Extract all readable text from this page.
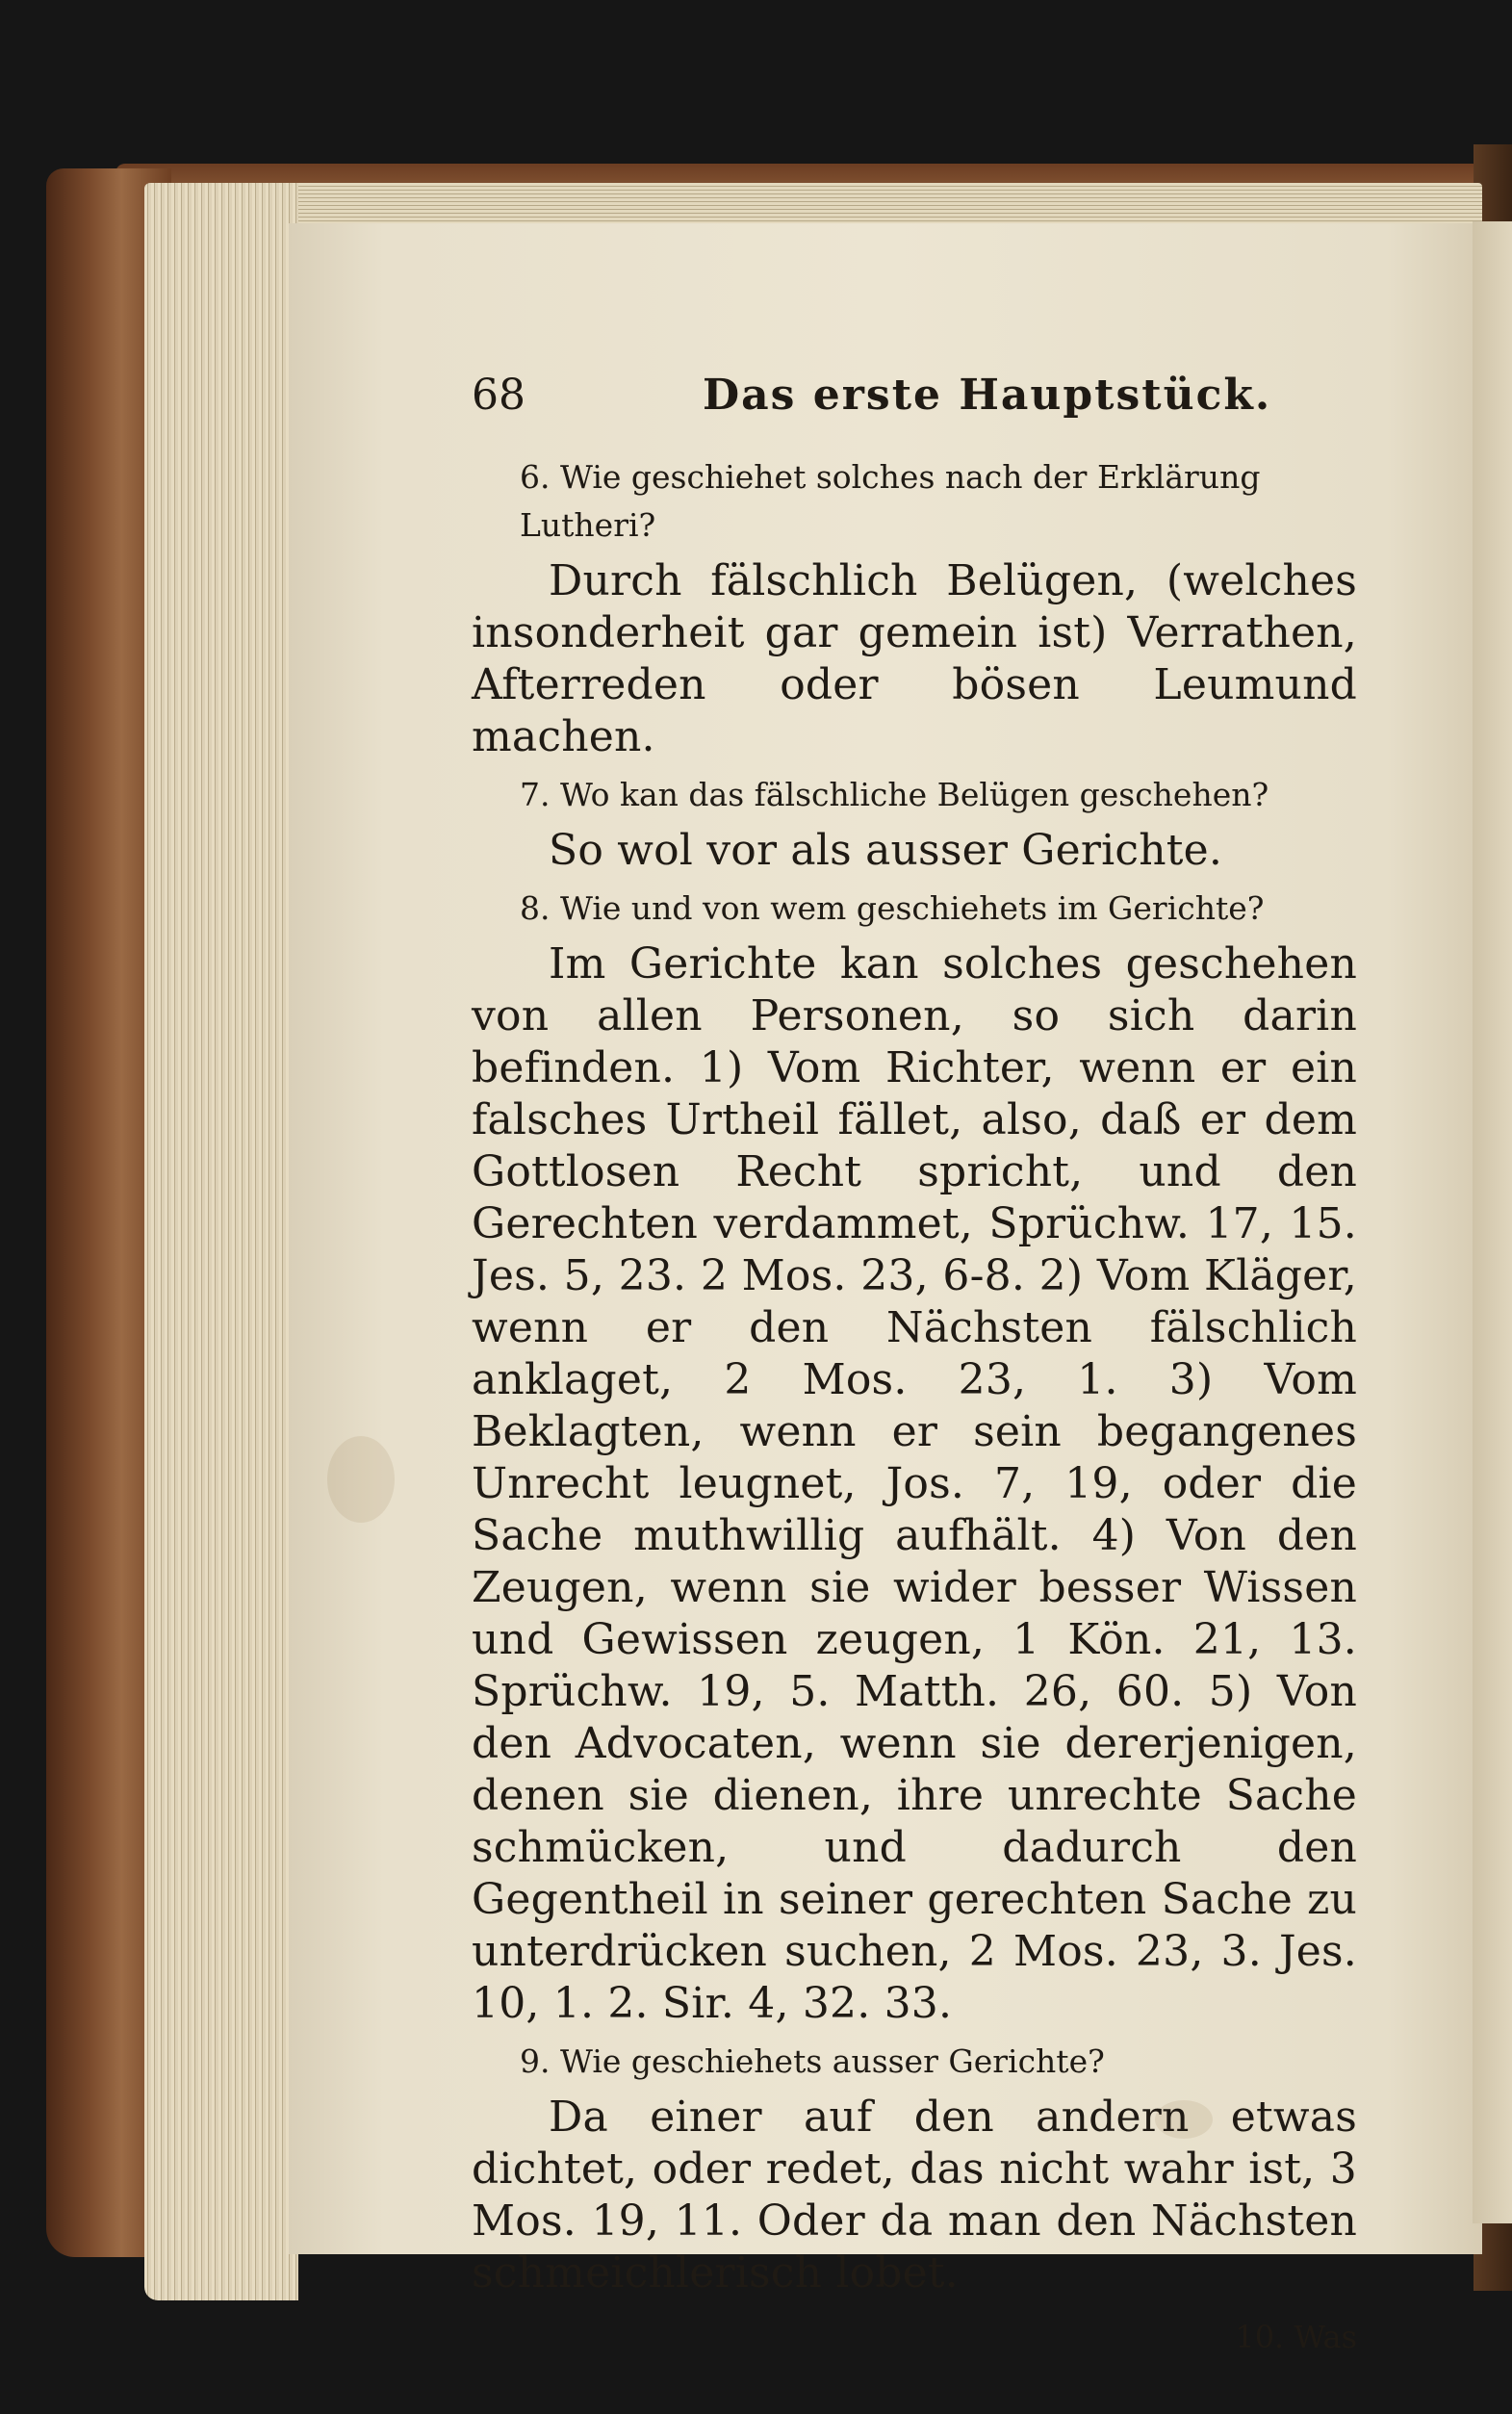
68	Das erste Hauptstück.

6. Wie geschiehet solches nach der Erklärung Lutheri?

Durch fälschlich Belügen, (welches insonderheit gar gemein ist) Verrathen, Afterreden oder bösen Leumund machen.

7. Wo kan das fälschliche Belügen geschehen?

So wol vor als ausser Gerichte.

8. Wie und von wem geschiehets im Gerichte?

Im Gerichte kan solches geschehen von allen Personen, so sich darin befinden. 1) Vom Richter, wenn er ein falsches Urtheil fället, also, daß er dem Gottlosen Recht spricht, und den Gerechten verdammet, Sprüchw. 17, 15. Jes. 5, 23. 2 Mos. 23, 6-8. 2) Vom Kläger, wenn er den Nächsten fälschlich anklaget, 2 Mos. 23, 1. 3) Vom Beklagten, wenn er sein begangenes Unrecht leugnet, Jos. 7, 19, oder die Sache muthwillig aufhält. 4) Von den Zeugen, wenn sie wider besser Wissen und Gewissen zeugen, 1 Kön. 21, 13. Sprüchw. 19, 5. Matth. 26, 60. 5) Von den Advocaten, wenn sie dererjenigen, denen sie dienen, ihre unrechte Sache schmücken, und dadurch den Gegentheil in seiner gerechten Sache zu unterdrücken suchen, 2 Mos. 23, 3. Jes. 10, 1. 2. Sir. 4, 32. 33.

9. Wie geschiehets ausser Gerichte?

Da einer auf den andern etwas dichtet, oder redet, das nicht wahr ist, 3 Mos. 19, 11. Oder da man den Nächsten schmeichlerisch lobet.

10. Was
